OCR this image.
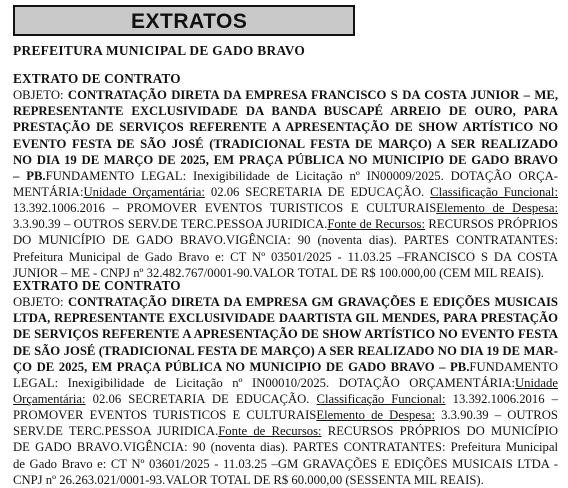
EXTRATOS
PREFEITURA MUNICIPAL DE GADO BRAVO
EXTRATO DE CONTRATO
OBJETO: CONTRATAÇÃO DIRETA DA EMPRESA FRANCISCO S DA COSTA JUNIOR – ME,
REPRESENTANTE EXCLUSIVIDADE DA BANDA BUSCAPÉ ARREIO DE OURO, PARA
PRESTAÇÃO DE SERVIÇOS REFERENTE A APRESENTAÇÃO DE SHOW ARTÍSTICO NO
EVENTO FESTA DE SÃO JOSÉ (TRADICIONAL FESTA DE MARÇO) A SER REALIZADO
NO DIA 19 DE MARÇO DE 2025, EM PRAÇA PÚBLICA NO MUNICIPIO DE GADO BRAVO
– PB.FUNDAMENTO LEGAL: Inexigibilidade de Licitação nº IN00009/2025. DOTAÇÃO ORÇA-
MENTÁRIA:Unidade Orçamentária: 02.06 SECRETARIA DE EDUCAÇÃO. Classificação Funcional:
13.392.1006.2016 – PROMOVER EVENTOS TURISTICOS E CULTURAISElemento de Despesa:
3.3.90.39 – OUTROS SERV.DE TERC.PESSOA JURIDICA.Fonte de Recursos: RECURSOS PRÓPRIOS
DO MUNICÍPIO DE GADO BRAVO.VIGÊNCIA: 90 (noventa dias). PARTES CONTRATANTES:
Prefeitura Municipal de Gado Bravo e: CT Nº 03501/2025 - 11.03.25 –FRANCISCO S DA COSTA
JUNIOR – ME - CNPJ nº 32.482.767/0001-90.VALOR TOTAL DE R$ 100.000,00 (CEM MIL REAIS).
EXTRATO DE CONTRATO
OBJETO: CONTRATAÇÃO DIRETA DA EMPRESA GM GRAVAÇÕES E EDIÇÕES MUSICAIS
LTDA, REPRESENTANTE EXCLUSIVIDADE DAARTISTA GIL MENDES, PARA PRESTAÇÃO
DE SERVIÇOS REFERENTE A APRESENTAÇÃO DE SHOW ARTÍSTICO NO EVENTO FESTA
DE SÃO JOSÉ (TRADICIONAL FESTA DE MARÇO) A SER REALIZADO NO DIA 19 DE MAR-
ÇO DE 2025, EM PRAÇA PÚBLICA NO MUNICIPIO DE GADO BRAVO – PB.FUNDAMENTO
LEGAL: Inexigibilidade de Licitação nº IN00010/2025. DOTAÇÃO ORÇAMENTÁRIA:Unidade
Orçamentária: 02.06 SECRETARIA DE EDUCAÇÃO. Classificação Funcional: 13.392.1006.2016 –
PROMOVER EVENTOS TURISTICOS E CULTURAISElemento de Despesa: 3.3.90.39 – OUTROS
SERV.DE TERC.PESSOA JURIDICA.Fonte de Recursos: RECURSOS PRÓPRIOS DO MUNICÍPIO
DE GADO BRAVO.VIGÊNCIA: 90 (noventa dias). PARTES CONTRATANTES: Prefeitura Municipal
de Gado Bravo e: CT Nº 03601/2025 - 11.03.25 –GM GRAVAÇÕES E EDIÇÕES MUSICAIS LTDA -
CNPJ nº 26.263.021/0001-93.VALOR TOTAL DE R$ 60.000,00 (SESSENTA MIL REAIS).
